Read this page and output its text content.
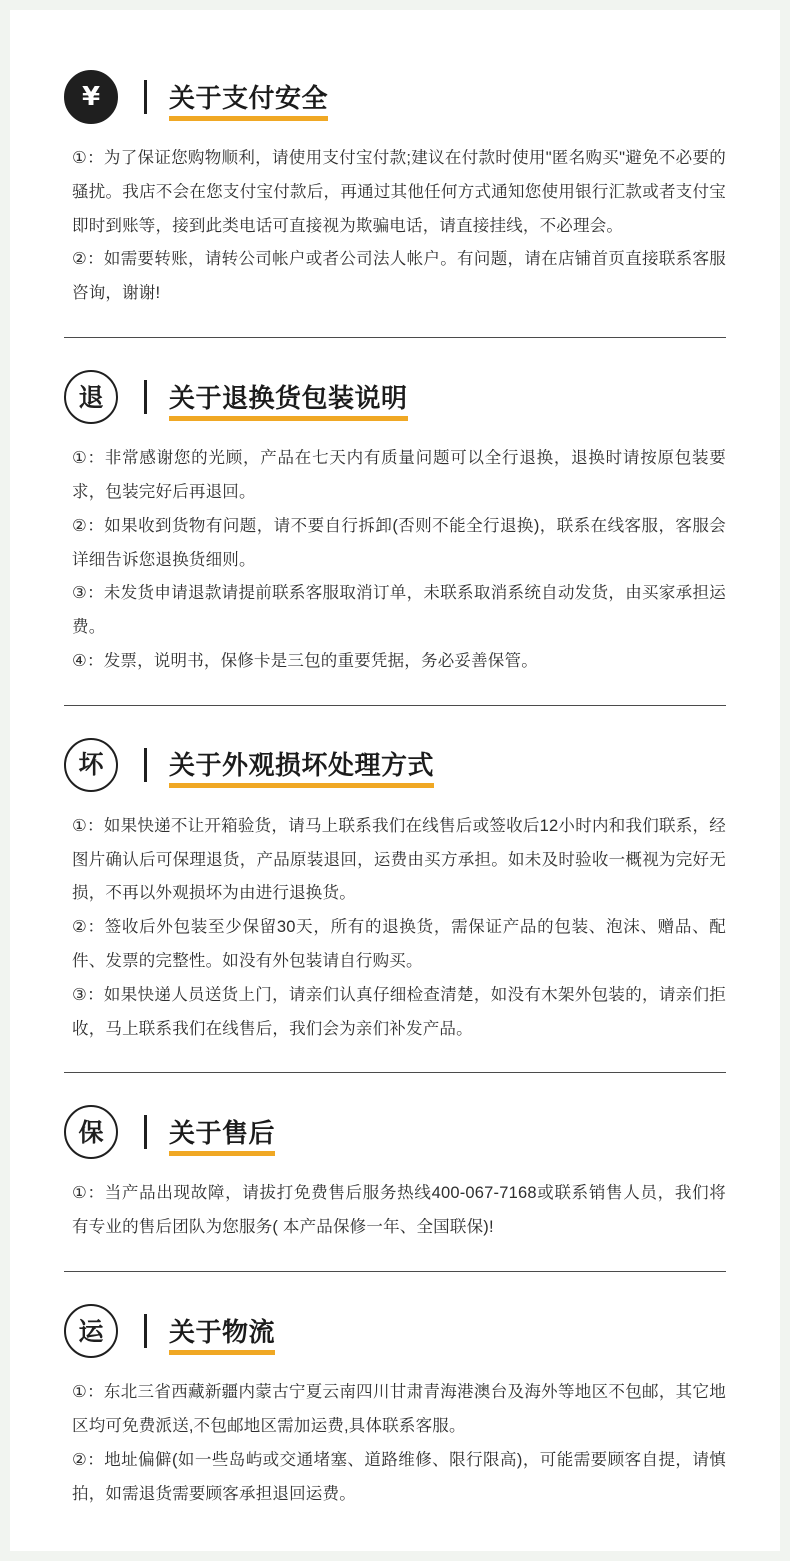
¥	关于支付安全

①：为了保证您购物顺利，请使用支付宝付款;建议在付款时使用"匿名购买"避免不必要的骚扰。我店不会在您支付宝付款后，再通过其他任何方式通知您使用银行汇款或者支付宝即时到账等，接到此类电话可直接视为欺骗电话，请直接挂线，不必理会。

②：如需要转账，请转公司帐户或者公司法人帐户。有问题，请在店铺首页直接联系客服咨询，谢谢!

退	关于退换货包装说明

①：非常感谢您的光顾，产品在七天内有质量问题可以全行退换，退换时请按原包装要求，包装完好后再退回。

②：如果收到货物有问题，请不要自行拆卸(否则不能全行退换)，联系在线客服，客服会详细告诉您退换货细则。

③：未发货申请退款请提前联系客服取消订单，未联系取消系统自动发货，由买家承担运费。

④：发票，说明书，保修卡是三包的重要凭据，务必妥善保管。

坏	关于外观损坏处理方式

①：如果快递不让开箱验货，请马上联系我们在线售后或签收后12小时内和我们联系，经图片确认后可保理退货，产品原装退回，运费由买方承担。如未及时验收一概视为完好无损，不再以外观损坏为由进行退换货。

②：签收后外包装至少保留30天，所有的退换货，需保证产品的包装、泡沫、赠品、配件、发票的完整性。如没有外包装请自行购买。

③：如果快递人员送货上门，请亲们认真仔细检查清楚，如没有木架外包装的，请亲们拒收，马上联系我们在线售后，我们会为亲们补发产品。

保	关于售后

①：当产品出现故障，请拔打免费售后服务热线400-067-7168或联系销售人员，我们将有专业的售后团队为您服务( 本产品保修一年、全国联保)!

运	关于物流

①：东北三省西藏新疆内蒙古宁夏云南四川甘肃青海港澳台及海外等地区不包邮，其它地区均可免费派送,不包邮地区需加运费,具体联系客服。

②：地址偏僻(如一些岛屿或交通堵塞、道路维修、限行限高)，可能需要顾客自提，请慎拍，如需退货需要顾客承担退回运费。
